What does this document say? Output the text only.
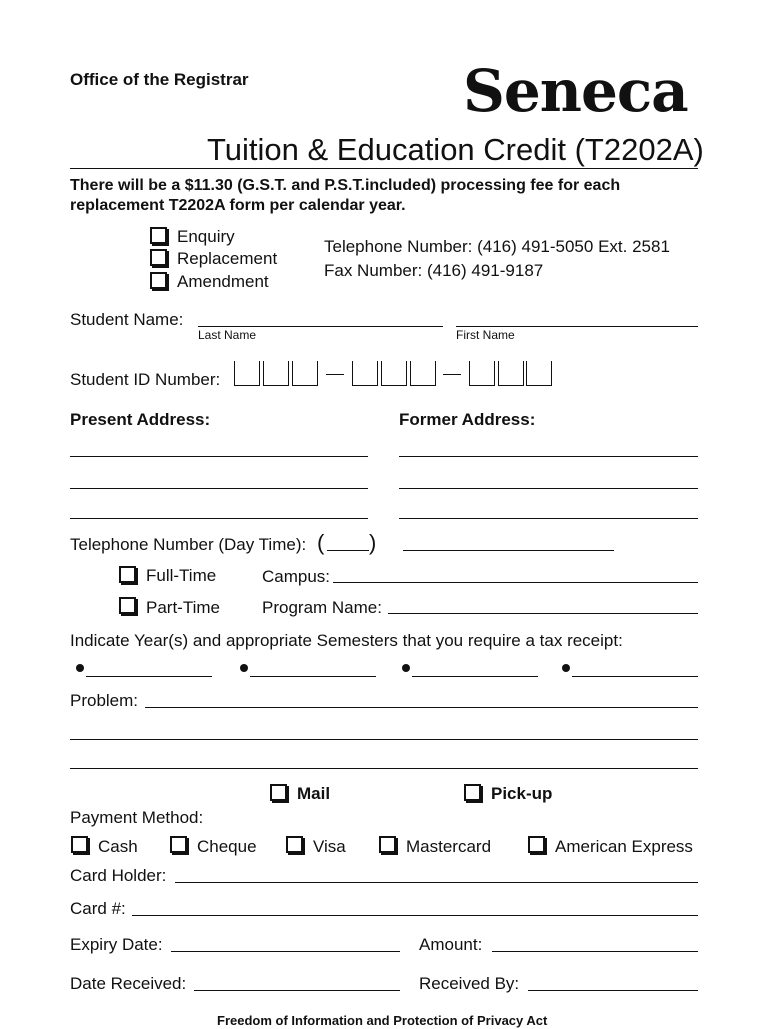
Office of the Registrar	Seneca
Tuition & Education Credit (T2202A)
There will be a $11.30 (G.S.T. and P.S.T.included) processing fee for each
replacement T2202A form per calendar year.
Enquiry
Replacement
Amendment
Telephone Number: (416) 491-5050 Ext. 2581
Fax Number: (416) 491-9187
Student Name:
Last Name	First Name
Student ID Number:
Present Address:	Former Address:
Telephone Number (Day Time): ( )
Full-Time	Campus:
Part-Time Program Name:
Indicate Year(s) and appropriate Semesters that you require a tax receipt:
Problem:
Mail	Pick-up
Payment Method:
Cash	Cheque	Visa	Mastercard	American Express
Card Holder:
Card #:
Expiry Date:	Amount:
Date Received:	Received By:
Freedom of Information and Protection of Privacy Act
